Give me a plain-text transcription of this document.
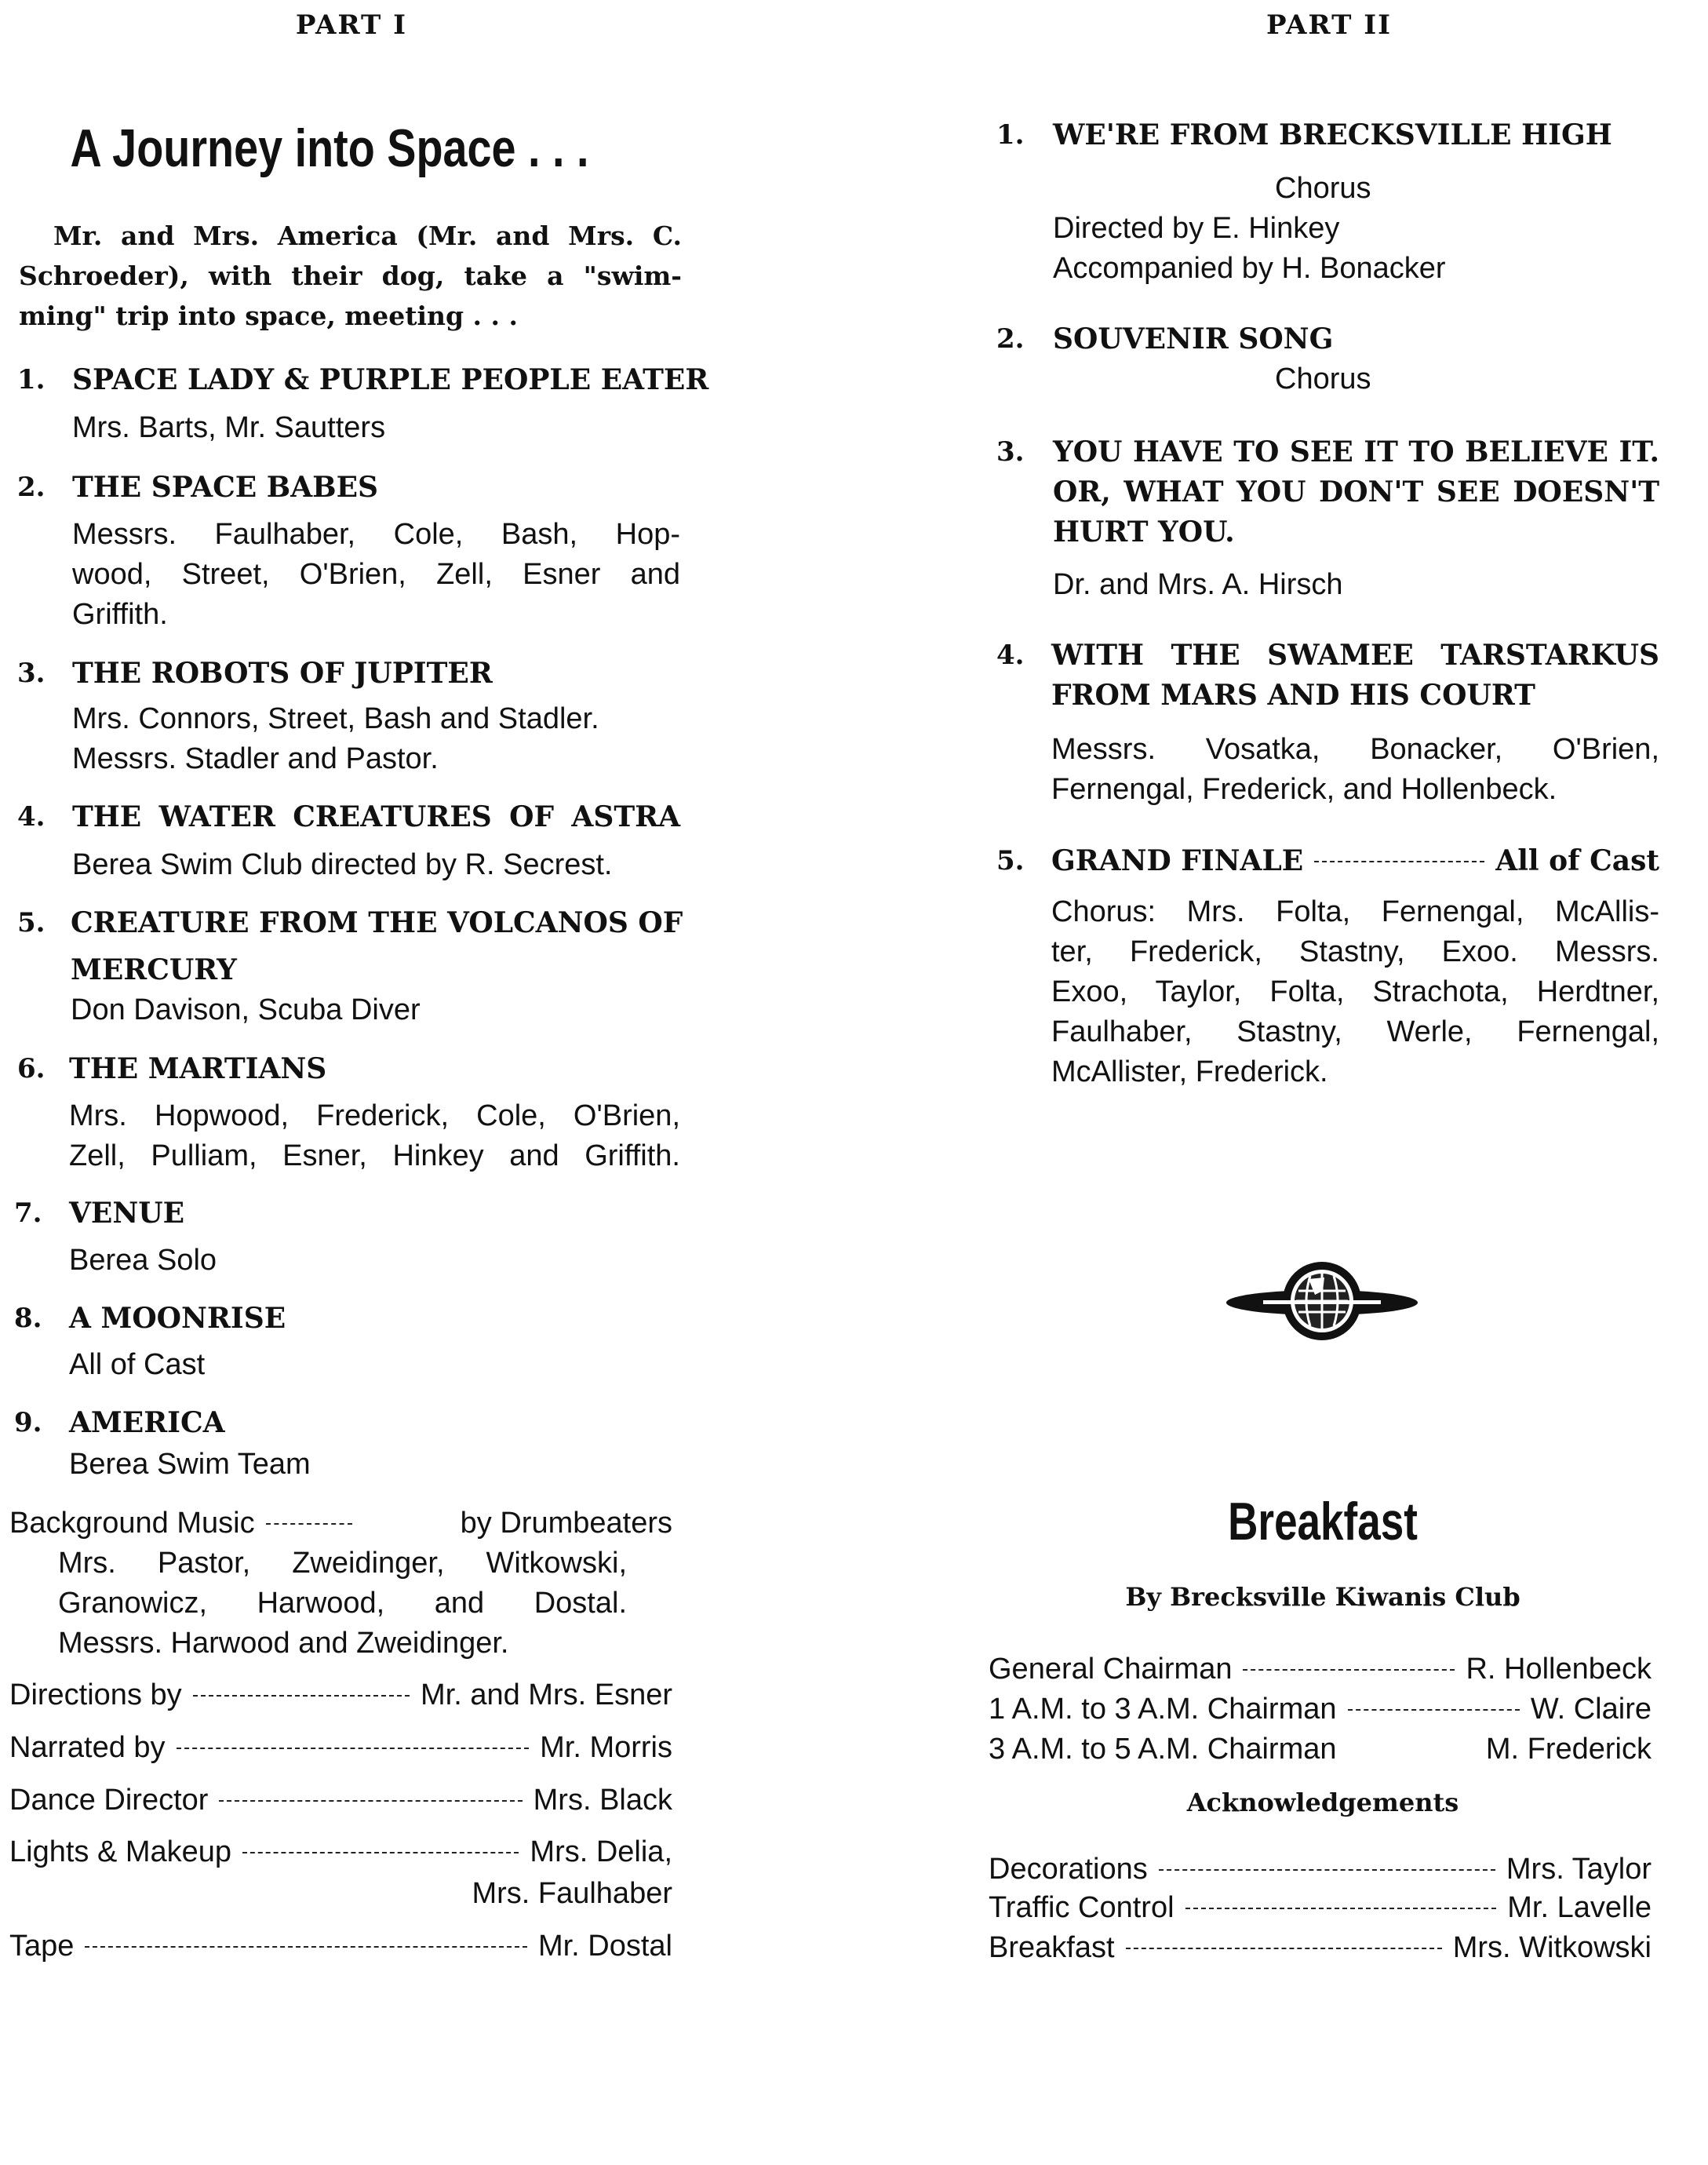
PART I
A Journey into Space . . .
Mr. and Mrs. America (Mr. and Mrs. C.
Schroeder), with their dog, take a "swim-
ming" trip into space, meeting . . .
1. SPACE LADY & PURPLE PEOPLE EATER
Mrs. Barts, Mr. Sautters
2. THE SPACE BABES
Messrs. Faulhaber, Cole, Bash, Hop-
wood, Street, O'Brien, Zell, Esner and
Griffith.
3. THE ROBOTS OF JUPITER
Mrs. Connors, Street, Bash and Stadler.
Messrs. Stadler and Pastor.
4. THE WATER CREATURES OF ASTRA
Berea Swim Club directed by R. Secrest.
5. CREATURE FROM THE VOLCANOS OF
MERCURY
Don Davison, Scuba Diver
6. THE MARTIANS
Mrs. Hopwood, Frederick, Cole, O'Brien,
Zell, Pulliam, Esner, Hinkey and Griffith.
7. VENUE
Berea Solo
8. A MOONRISE
All of Cast
9. AMERICA
Berea Swim Team
Background Music	by Drumbeaters
Mrs. Pastor, Zweidinger, Witkowski,
Granowicz, Harwood, and Dostal.
Messrs. Harwood and Zweidinger.
Directions by	Mr. and Mrs. Esner
Narrated by	Mr. Morris
Dance Director	Mrs. Black
Lights & Makeup	Mrs. Delia,
Mrs. Faulhaber
Tape	Mr. Dostal
PART II
1. WE'RE FROM BRECKSVILLE HIGH
Chorus
Directed by E. Hinkey
Accompanied by H. Bonacker
2. SOUVENIR SONG
Chorus
3. YOU HAVE TO SEE IT TO BELIEVE IT.
OR, WHAT YOU DON'T SEE DOESN'T
HURT YOU.
Dr. and Mrs. A. Hirsch
4. WITH THE SWAMEE TARSTARKUS
FROM MARS AND HIS COURT
Messrs. Vosatka, Bonacker, O'Brien,
Fernengal, Frederick, and Hollenbeck.
5. GRAND FINALE	All of Cast
Chorus: Mrs. Folta, Fernengal, McAllis-
ter, Frederick, Stastny, Exoo. Messrs.
Exoo, Taylor, Folta, Strachota, Herdtner,
Faulhaber, Stastny, Werle, Fernengal,
McAllister, Frederick.
Breakfast
By Brecksville Kiwanis Club
General Chairman	R. Hollenbeck
1 A.M. to 3 A.M. Chairman	W. Claire
3 A.M. to 5 A.M. Chairman	M. Frederick
Acknowledgements
Decorations	Mrs. Taylor
Traffic Control	Mr. Lavelle
Breakfast	Mrs. Witkowski
